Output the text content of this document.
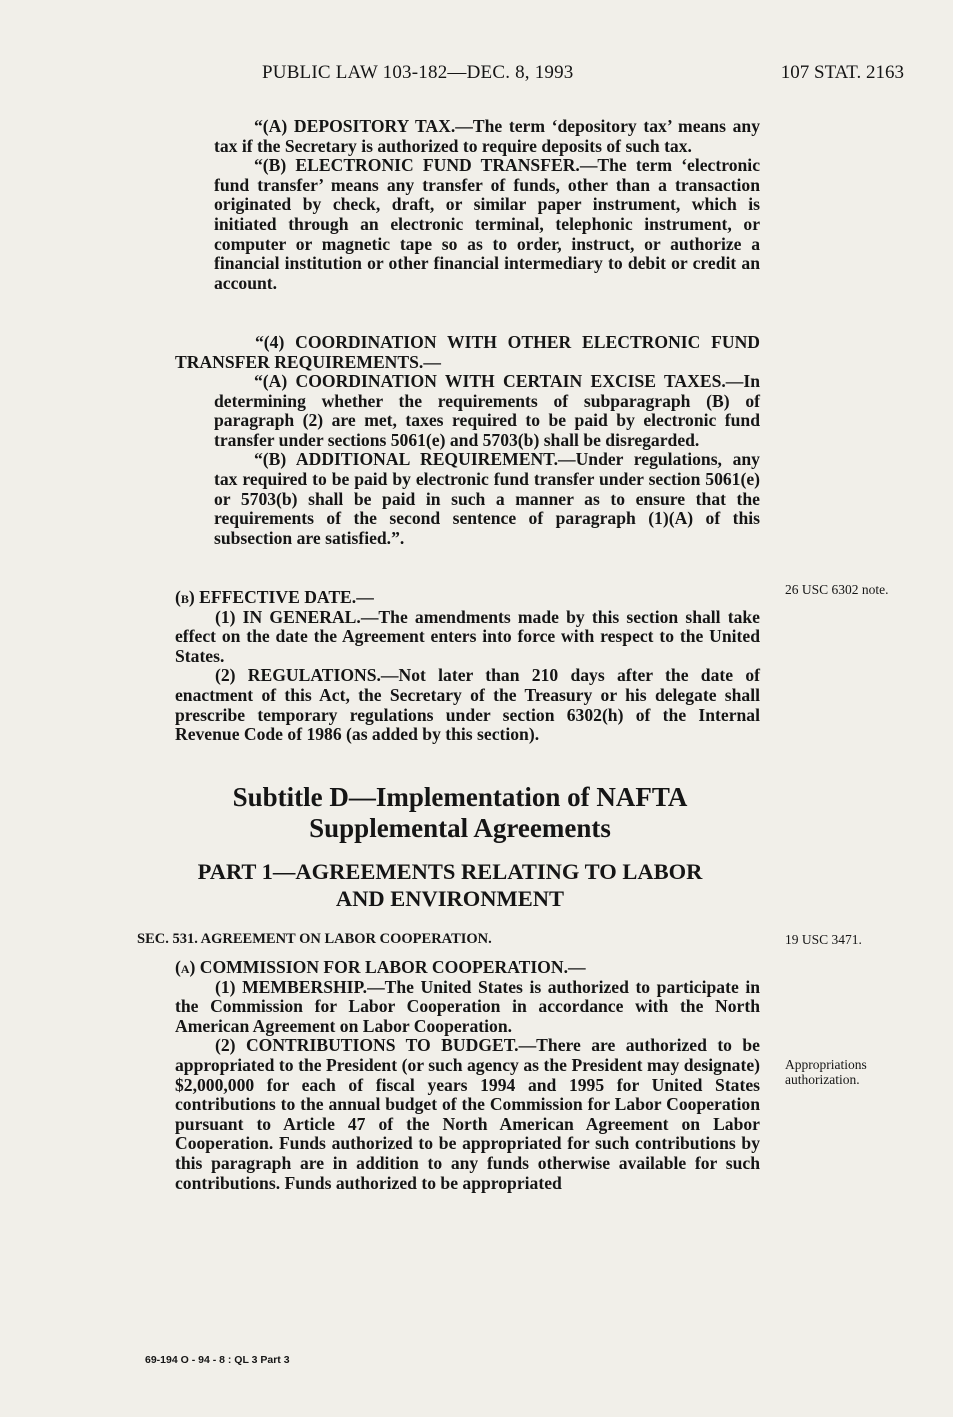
PUBLIC LAW 103-182—DEC. 8, 1993	107 STAT. 2163

“(A) DEPOSITORY TAX.—The term ‘depository tax’ means any tax if the Secretary is authorized to require deposits of such tax.

“(B) ELECTRONIC FUND TRANSFER.—The term ‘electronic fund transfer’ means any transfer of funds, other than a transaction originated by check, draft, or similar paper instrument, which is initiated through an electronic terminal, telephonic instrument, or computer or magnetic tape so as to order, instruct, or authorize a financial institution or other financial intermediary to debit or credit an account.

“(4) COORDINATION WITH OTHER ELECTRONIC FUND TRANSFER REQUIREMENTS.—

“(A) COORDINATION WITH CERTAIN EXCISE TAXES.—In determining whether the requirements of subparagraph (B) of paragraph (2) are met, taxes required to be paid by electronic fund transfer under sections 5061(e) and 5703(b) shall be disregarded.

“(B) ADDITIONAL REQUIREMENT.—Under regulations, any tax required to be paid by electronic fund transfer under section 5061(e) or 5703(b) shall be paid in such a manner as to ensure that the requirements of the second sentence of paragraph (1)(A) of this subsection are satisfied.”.

(b) EFFECTIVE DATE.—

(1) IN GENERAL.—The amendments made by this section shall take effect on the date the Agreement enters into force with respect to the United States.

(2) REGULATIONS.—Not later than 210 days after the date of enactment of this Act, the Secretary of the Treasury or his delegate shall prescribe temporary regulations under section 6302(h) of the Internal Revenue Code of 1986 (as added by this section).

26 USC 6302 note.
Subtitle D—Implementation of NAFTA
Supplemental Agreements
PART 1—AGREEMENTS RELATING TO LABOR
AND ENVIRONMENT
SEC. 531. AGREEMENT ON LABOR COOPERATION.	19 USC 3471.

(a) COMMISSION FOR LABOR COOPERATION.—

(1) MEMBERSHIP.—The United States is authorized to participate in the Commission for Labor Cooperation in accordance with the North American Agreement on Labor Cooperation.

(2) CONTRIBUTIONS TO BUDGET.—There are authorized to be appropriated to the President (or such agency as the President may designate) $2,000,000 for each of fiscal years 1994 and 1995 for United States contributions to the annual budget of the Commission for Labor Cooperation pursuant to Article 47 of the North American Agreement on Labor Cooperation. Funds authorized to be appropriated for such contributions by this paragraph are in addition to any funds otherwise available for such contributions. Funds authorized to be appropriated

Appropriations authorization.
69-194 O - 94 - 8 : QL 3 Part 3
